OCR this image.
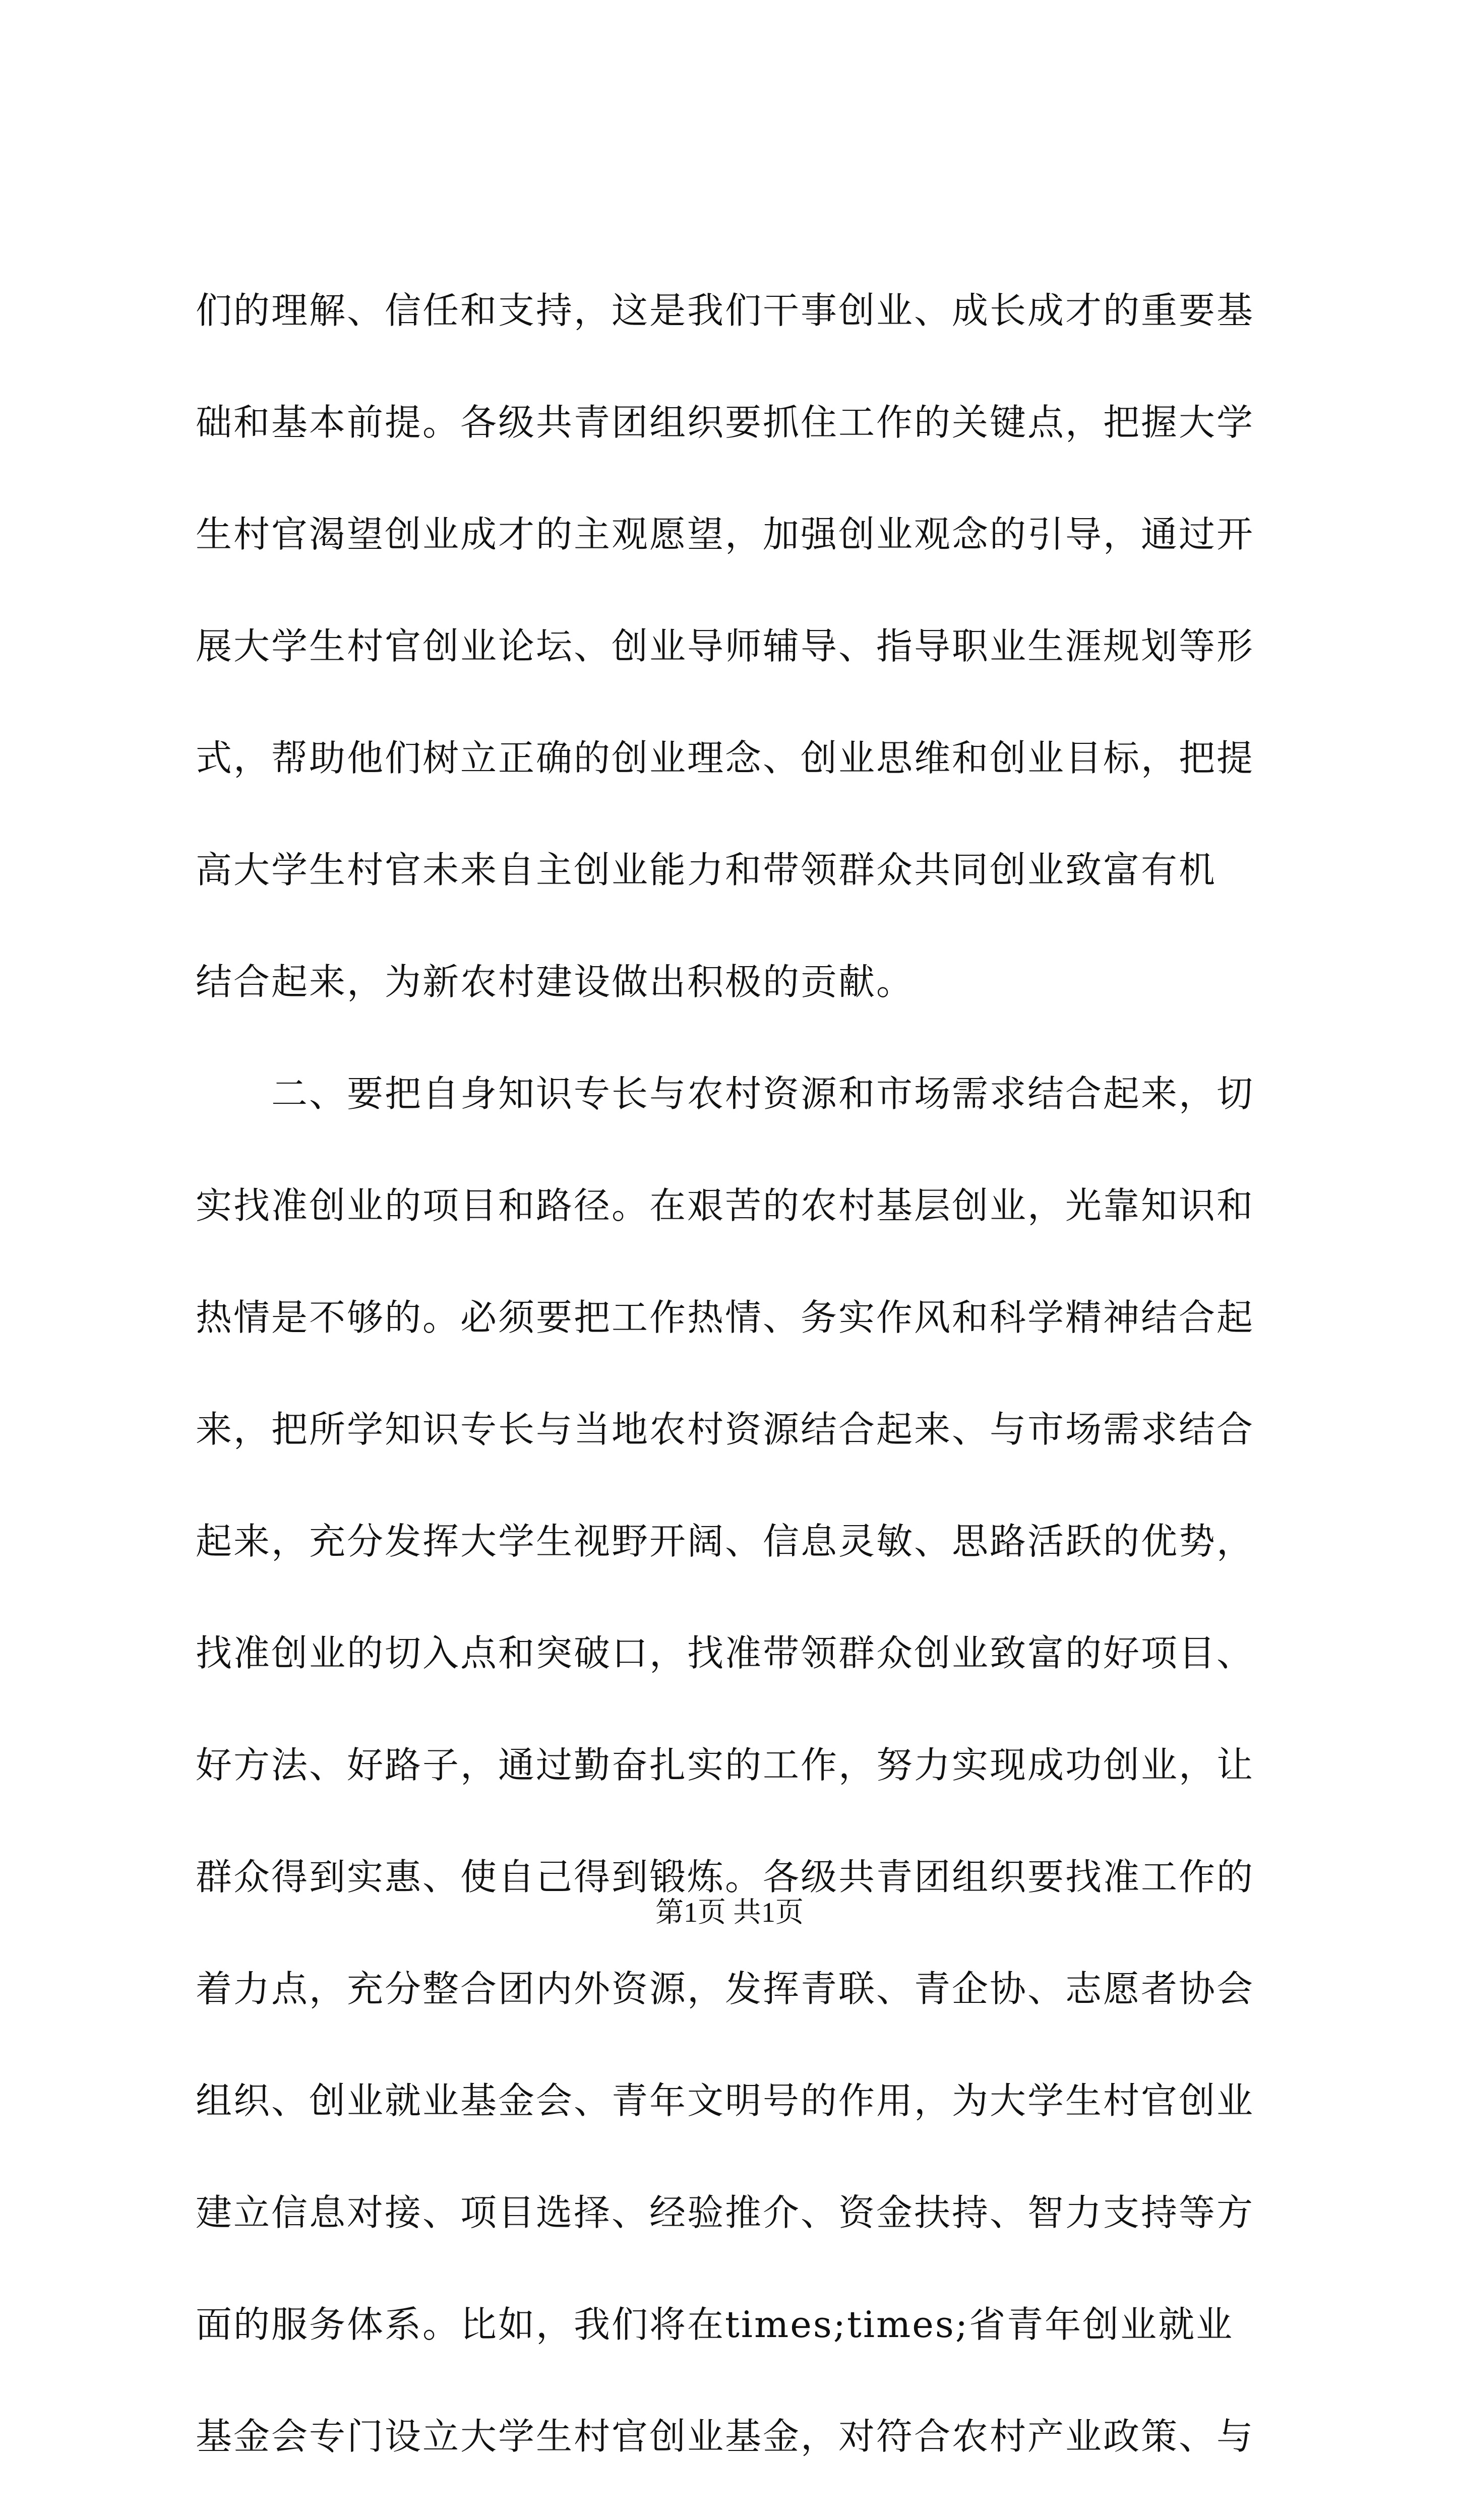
们的理解、信任和支持，这是我们干事创业、成长成才的重要基
础和基本前提。各级共青团组织要抓住工作的关键点，把握大学
生村官渴望创业成才的主观愿望，加强创业观念的引导，通过开
展大学生村官创业论坛、创业导师辅导、指导职业生涯规划等形
式，帮助他们树立正确的创业理念、创业思维和创业目标，把提
高大学生村官未来自主创业能力和带领群众共同创业致富有机
结合起来，为新农村建设做出积极的贡献。
　　二、要把自身知识专长与农村资源和市场需求结合起来，切
实找准创业的项目和路径。在艰苦的农村基层创业，光靠知识和
热情是不够的。必须要把工作热情、务实作风和科学精神结合起
来，把所学知识专长与当地农村资源结合起来、与市场需求结合
起来，充分发挥大学生视野开阔、信息灵敏、思路活跃的优势，
找准创业的切入点和突破口，找准带领群众创业致富的好项目、
好方法、好路子，通过勤奋扎实的工作，努力实现成功创业，让
群众得到实惠、使自己得到锻炼。各级共青团组织要找准工作的
着力点，充分整合团内外资源，发挥青联、青企协、志愿者协会
组织、创业就业基金会、青年文明号的作用，为大学生村官创业
建立信息对接、项目选择、经验推介、资金扶持、智力支持等方
面的服务体系。比如，我们将在times;times;省青年创业就业
基金会专门设立大学生村官创业基金，对符合农村产业政策、与
第1页 共1页
